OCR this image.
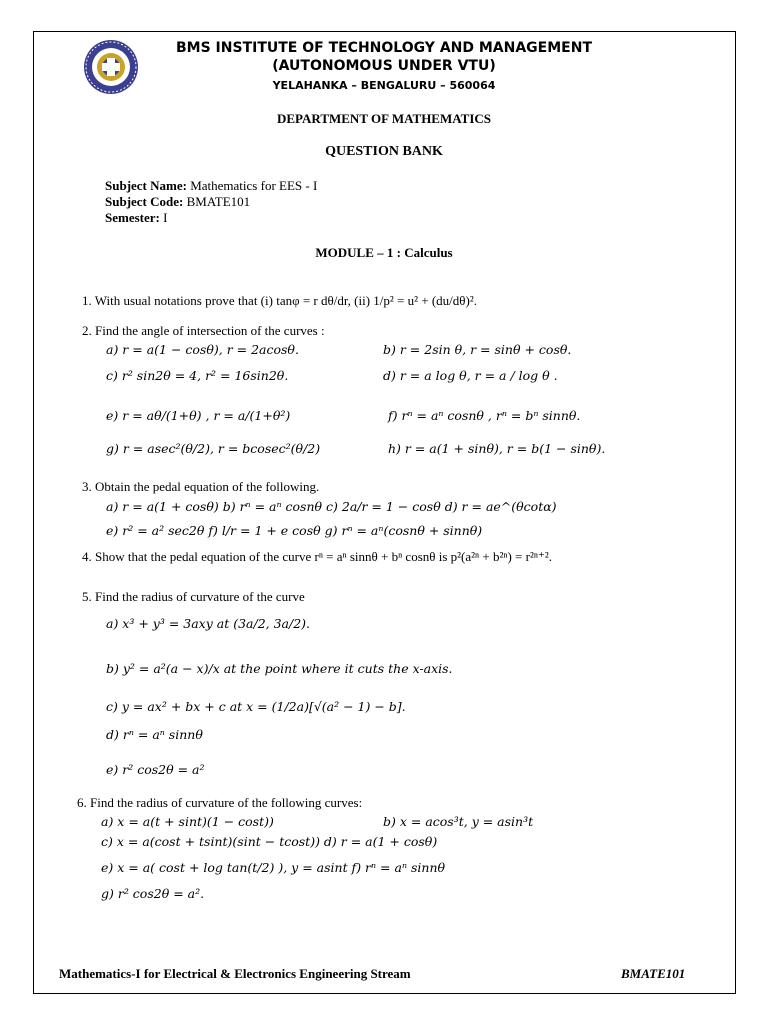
BMS INSTITUTE OF TECHNOLOGY AND MANAGEMENT
(AUTONOMOUS UNDER VTU)
YELAHANKA – BENGALURU – 560064
DEPARTMENT OF MATHEMATICS
QUESTION BANK
Subject Name: Mathematics for EES - I
Subject Code: BMATE101
Semester: I
MODULE – 1 : Calculus
1. With usual notations prove that (i) tanφ = r dθ/dr, (ii) 1/p² = u² + (du/dθ)².
2. Find the angle of intersection of the curves :
a) r = a(1 − cosθ), r = 2acosθ.	b) r = 2sin θ, r = sinθ + cosθ.
c) r² sin2θ = 4, r² = 16sin2θ.	d) r = a log θ, r = a / log θ .
e) r = aθ/(1+θ) , r = a/(1+θ²)	f) rⁿ = aⁿ cosnθ , rⁿ = bⁿ sinnθ.
g) r = asec²(θ/2), r = bcosec²(θ/2)	h) r = a(1 + sinθ), r = b(1 − sinθ).
3. Obtain the pedal equation of the following.
a) r = a(1 + cosθ) b) rⁿ = aⁿ cosnθ c) 2a/r = 1 − cosθ d) r = ae^(θcotα)
e) r² = a² sec2θ f) l/r = 1 + e cosθ g) rⁿ = aⁿ(cosnθ + sinnθ)
4. Show that the pedal equation of the curve rⁿ = aⁿ sinnθ + bⁿ cosnθ is p²(a²ⁿ + b²ⁿ) = r²ⁿ⁺².
5. Find the radius of curvature of the curve
a) x³ + y³ = 3axy at (3a/2, 3a/2).
b) y² = a²(a − x)/x at the point where it cuts the x-axis.
c) y = ax² + bx + c at x = (1/2a)[√(a² − 1) − b].
d) rⁿ = aⁿ sinnθ
e) r² cos2θ = a²
6. Find the radius of curvature of the following curves:
a) x = a(t + sint)(1 − cost))	b) x = acos³t, y = asin³t
c) x = a(cost + tsint)(sint − tcost)) d) r = a(1 + cosθ)
e) x = a( cost + log tan(t/2) ), y = asint f) rⁿ = aⁿ sinnθ
g) r² cos2θ = a².
Mathematics-I for Electrical & Electronics Engineering Stream	BMATE101
